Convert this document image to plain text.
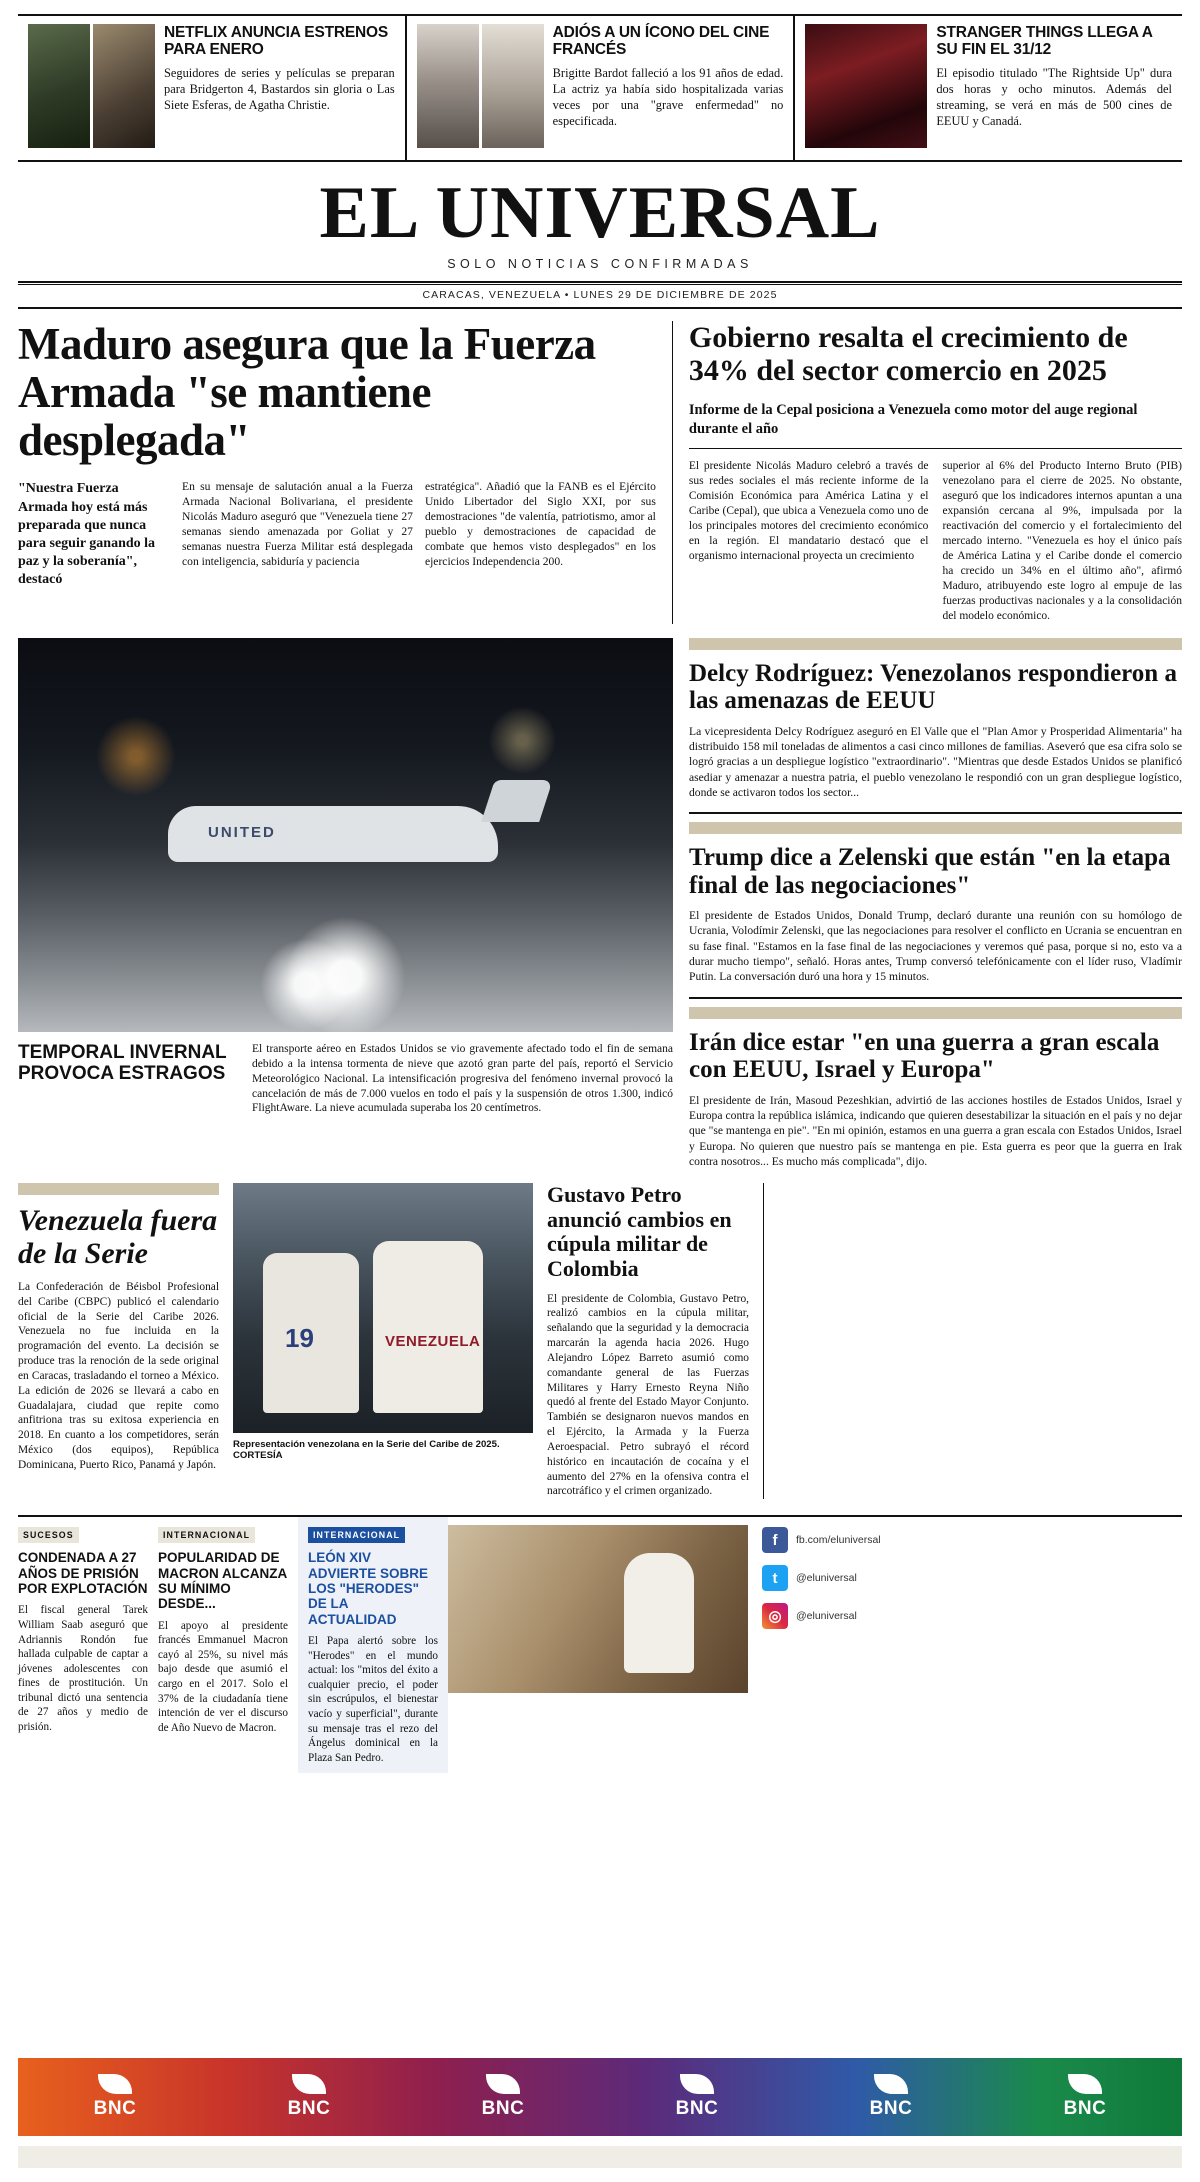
NETFLIX ANUNCIA ESTRENOS PARA ENERO
Seguidores de series y películas se preparan para Bridgerton 4, Bastardos sin gloria o Las Siete Esferas, de Agatha Christie.
ADIÓS A UN ÍCONO DEL CINE FRANCÉS
Brigitte Bardot falleció a los 91 años de edad. La actriz ya había sido hospitalizada varias veces por una "grave enfermedad" no especificada.
STRANGER THINGS LLEGA A SU FIN EL 31/12
El episodio titulado "The Rightside Up" dura dos horas y ocho minutos. Además del streaming, se verá en más de 500 cines de EEUU y Canadá.
EL UNIVERSAL
SOLO NOTICIAS CONFIRMADAS
CARACAS, VENEZUELA • LUNES 29 DE DICIEMBRE DE 2025
Maduro asegura que la Fuerza Armada "se mantiene desplegada"
"Nuestra Fuerza Armada hoy está más preparada que nunca para seguir ganando la paz y la soberanía", destacó

En su mensaje de salutación anual a la Fuerza Armada Nacional Bolivariana, el presidente Nicolás Maduro aseguró que "Venezuela tiene 27 semanas siendo amenazada por Goliat y 27 semanas nuestra Fuerza Militar está desplegada con inteligencia, sabiduría y paciencia

estratégica". Añadió que la FANB es el Ejército Unido Libertador del Siglo XXI, por sus demostraciones "de valentía, patriotismo, amor al pueblo y demostraciones de capacidad de combate que hemos visto desplegados" en los ejercicios Independencia 200.

Gobierno resalta el crecimiento de 34% del sector comercio en 2025
Informe de la Cepal posiciona a Venezuela como motor del auge regional durante el año

El presidente Nicolás Maduro celebró a través de sus redes sociales el más reciente informe de la Comisión Económica para América Latina y el Caribe (Cepal), que ubica a Venezuela como uno de los principales motores del crecimiento económico en la región. El mandatario destacó que el organismo internacional proyecta un crecimiento

superior al 6% del Producto Interno Bruto (PIB) venezolano para el cierre de 2025. No obstante, aseguró que los indicadores internos apuntan a una expansión cercana al 9%, impulsada por la reactivación del comercio y el fortalecimiento del mercado interno. "Venezuela es hoy el único país de América Latina y el Caribe donde el comercio ha crecido un 34% en el último año", afirmó Maduro, atribuyendo este logro al empuje de las fuerzas productivas nacionales y a la consolidación del modelo económico.

UNITED
TEMPORAL INVERNAL PROVOCA ESTRAGOS
El transporte aéreo en Estados Unidos se vio gravemente afectado todo el fin de semana debido a la intensa tormenta de nieve que azotó gran parte del país, reportó el Servicio Meteorológico Nacional. La intensificación progresiva del fenómeno invernal provocó la cancelación de más de 7.000 vuelos en todo el país y la suspensión de otros 1.300, indicó FlightAware. La nieve acumulada superaba los 20 centímetros.
Delcy Rodríguez: Venezolanos respondieron a las amenazas de EEUU
La vicepresidenta Delcy Rodríguez aseguró en El Valle que el "Plan Amor y Prosperidad Alimentaria" ha distribuido 158 mil toneladas de alimentos a casi cinco millones de familias. Aseveró que esa cifra solo se logró gracias a un despliegue logístico "extraordinario". "Mientras que desde Estados Unidos se planificó asediar y amenazar a nuestra patria, el pueblo venezolano le respondió con un gran despliegue logístico, donde se activaron todos los sector...
Trump dice a Zelenski que están "en la etapa final de las negociaciones"
El presidente de Estados Unidos, Donald Trump, declaró durante una reunión con su homólogo de Ucrania, Volodímir Zelenski, que las negociaciones para resolver el conflicto en Ucrania se encuentran en su fase final. "Estamos en la fase final de las negociaciones y veremos qué pasa, porque si no, esto va a durar mucho tiempo", señaló. Horas antes, Trump conversó telefónicamente con el líder ruso, Vladímir Putin. La conversación duró una hora y 15 minutos.
Irán dice estar "en una guerra a gran escala con EEUU, Israel y Europa"
El presidente de Irán, Masoud Pezeshkian, advirtió de las acciones hostiles de Estados Unidos, Israel y Europa contra la república islámica, indicando que quieren desestabilizar la situación en el país y no dejar que "se mantenga en pie". "En mi opinión, estamos en una guerra a gran escala con Estados Unidos, Israel y Europa. No quieren que nuestro país se mantenga en pie. Esta guerra es peor que la guerra en Irak contra nosotros... Es mucho más complicada", dijo.
Venezuela fuera de la Serie
La Confederación de Béisbol Profesional del Caribe (CBPC) publicó el calendario oficial de la Serie del Caribe 2026. Venezuela no fue incluida en la programación del evento. La decisión se produce tras la renoción de la sede original en Caracas, trasladando el torneo a México. La edición de 2026 se llevará a cabo en Guadalajara, ciudad que repite como anfitriona tras su exitosa experiencia en 2018. En cuanto a los competidores, serán México (dos equipos), República Dominicana, Puerto Rico, Panamá y Japón.
19	VENEZUELA
Representación venezolana en la Serie del Caribe de 2025. CORTESÍA
Gustavo Petro anunció cambios en cúpula militar de Colombia
El presidente de Colombia, Gustavo Petro, realizó cambios en la cúpula militar, señalando que la seguridad y la democracia marcarán la agenda hacia 2026. Hugo Alejandro López Barreto asumió como comandante general de las Fuerzas Militares y Harry Ernesto Reyna Niño quedó al frente del Estado Mayor Conjunto. También se designaron nuevos mandos en el Ejército, la Armada y la Fuerza Aeroespacial. Petro subrayó el récord histórico en incautación de cocaína y el aumento del 27% en la ofensiva contra el narcotráfico y el crimen organizado.
SUCESOS
CONDENADA A 27 AÑOS DE PRISIÓN POR EXPLOTACIÓN
El fiscal general Tarek William Saab aseguró que Adriannis Rondón fue hallada culpable de captar a jóvenes adolescentes con fines de prostitución. Un tribunal dictó una sentencia de 27 años y medio de prisión.
INTERNACIONAL
POPULARIDAD DE MACRON ALCANZA SU MÍNIMO DESDE...
El apoyo al presidente francés Emmanuel Macron cayó al 25%, su nivel más bajo desde que asumió el cargo en el 2017. Solo el 37% de la ciudadanía tiene intención de ver el discurso de Año Nuevo de Macron.
INTERNACIONAL
LEÓN XIV ADVIERTE SOBRE LOS "HERODES" DE LA ACTUALIDAD
El Papa alertó sobre los "Herodes" en el mundo actual: los "mitos del éxito a cualquier precio, el poder sin escrúpulos, el bienestar vacío y superficial", durante su mensaje tras el rezo del Ángelus dominical en la Plaza San Pedro.
f	fb.com/eluniversal
t	@eluniversal
◎	@eluniversal
BNC	BNC	BNC	BNC	BNC	BNC
